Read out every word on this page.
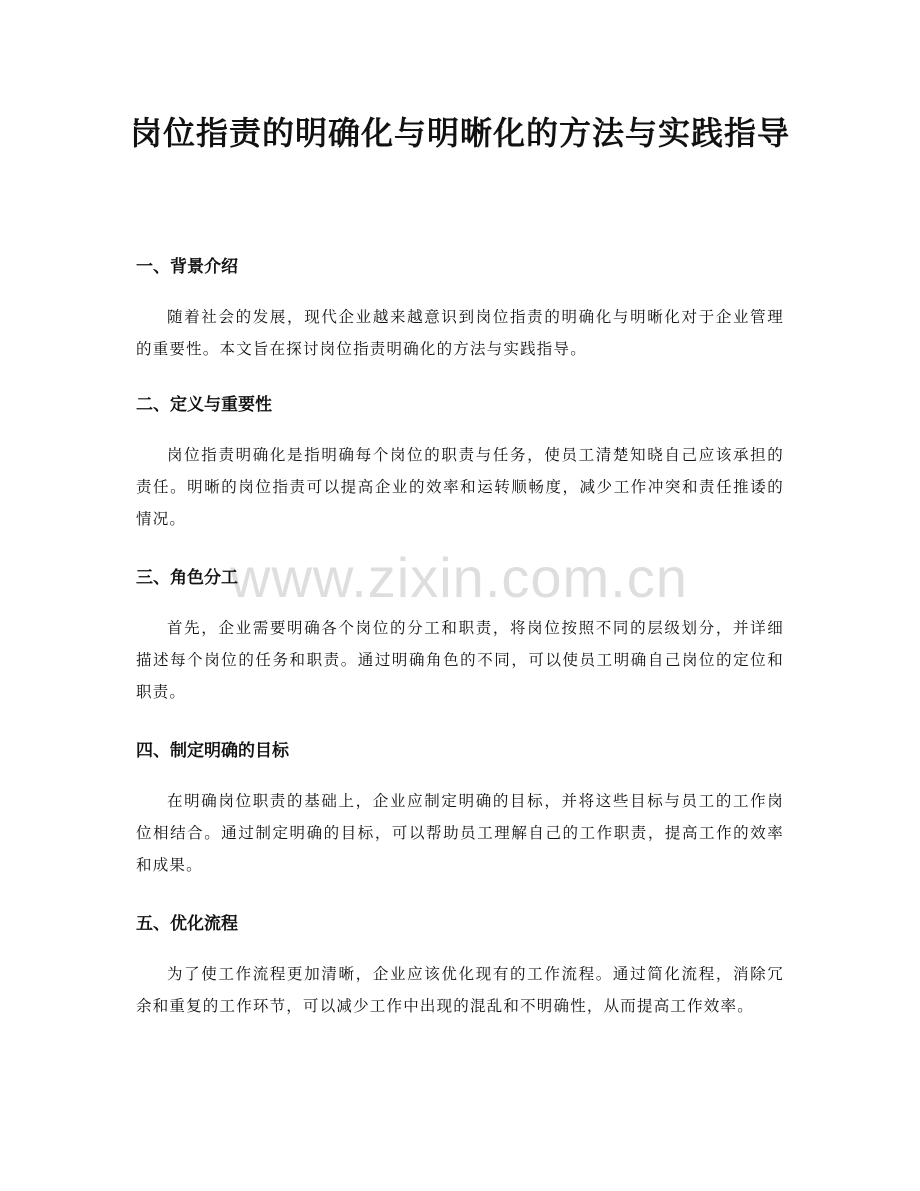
岗位指责的明确化与明晰化的方法与实践指导
www.zixin.com.cn
一、背景介绍

随着社会的发展，现代企业越来越意识到岗位指责的明确化与明晰化对于企业管理的重要性。本文旨在探讨岗位指责明确化的方法与实践指导。

二、定义与重要性

岗位指责明确化是指明确每个岗位的职责与任务，使员工清楚知晓自己应该承担的责任。明晰的岗位指责可以提高企业的效率和运转顺畅度，减少工作冲突和责任推诿的情况。

三、角色分工

首先，企业需要明确各个岗位的分工和职责，将岗位按照不同的层级划分，并详细描述每个岗位的任务和职责。通过明确角色的不同，可以使员工明确自己岗位的定位和职责。

四、制定明确的目标

在明确岗位职责的基础上，企业应制定明确的目标，并将这些目标与员工的工作岗位相结合。通过制定明确的目标，可以帮助员工理解自己的工作职责，提高工作的效率和成果。

五、优化流程

为了使工作流程更加清晰，企业应该优化现有的工作流程。通过简化流程，消除冗余和重复的工作环节，可以减少工作中出现的混乱和不明确性，从而提高工作效率。
